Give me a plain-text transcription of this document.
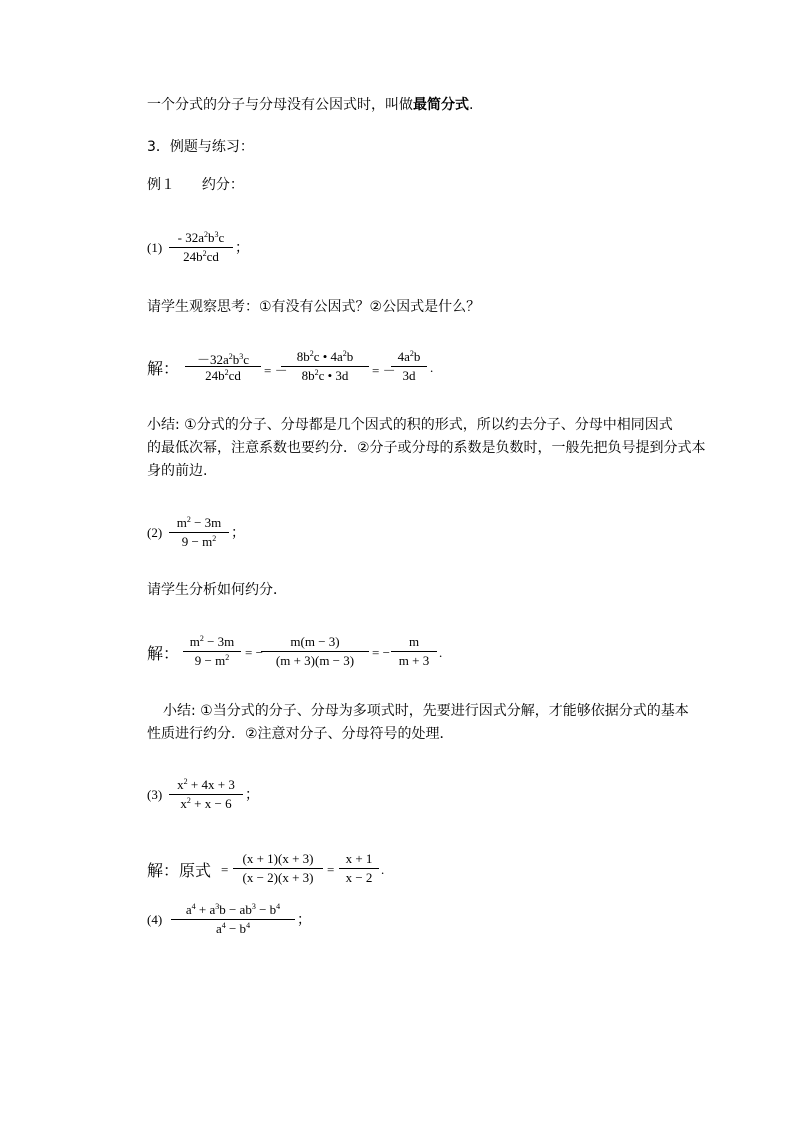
一个分式的分子与分母没有公因式时，叫做最简分式.
3．例题与练习：
例１ 约分：
(1)
- $32a^2b^3c$
$24b^2cd$
；
请学生观察思考：①有没有公因式？②公因式是什么？
解：	$-32a^2b^3c$
$24b^2cd$	= －
$8b^2c$ • $4a^2b$
$8b^2c$ • 3d	= －
$4a^2b$
3d
.
小结: ①分式的分子、分母都是几个因式的积的形式，所以约去分子、分母中相同因式
的最低次幂，注意系数也要约分．②分子或分母的系数是负数时，一般先把负号提到分式本
身的前边.
(2)
$m^2 - 3m$
$9 - m^2$	；
请学生分析如何约分．
解：
$m^2 - 3m$
$9 - m^2$	= −
m(m − 3)
(m + 3)(m − 3)
= −
m
m + 3
.
小结: ①当分式的分子、分母为多项式时，先要进行因式分解，才能够依据分式的基本
性质进行约分．②注意对分子、分母符号的处理．
(3)
$x^2 + 4x + 3$
$x^2 + x - 6$
；
解：原式 =
(x + 1)(x + 3)
(x − 2)(x + 3)
=
x + 1
x − 2
.
(4)
$a^4 + a^3b - ab^3 - b^4$
$a^4 - b^4$	；
